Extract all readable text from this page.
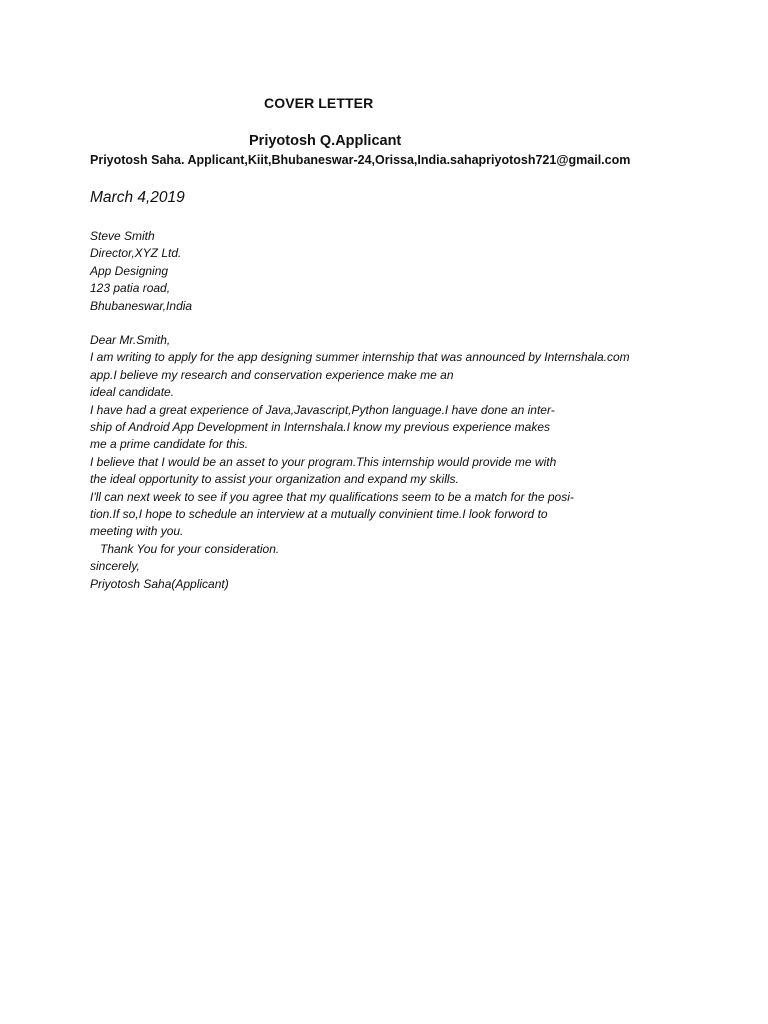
COVER LETTER
Priyotosh Q.Applicant
Priyotosh Saha. Applicant,Kiit,Bhubaneswar-24,Orissa,India.sahapriyotosh721@gmail.com
March 4,2019
Steve Smith
Director,XYZ Ltd.
App Designing
123 patia road,
Bhubaneswar,India
Dear Mr.Smith,
I am writing to apply for the app designing summer internship that was announced by Internshala.com
app.I believe my research and conservation experience make me an
ideal candidate.
I have had a great experience of Java,Javascript,Python language.I have done an inter-
ship of Android App Development in Internshala.I know my previous experience makes
me a prime candidate for this.
I believe that I would be an asset to your program.This internship would provide me with
the ideal opportunity to assist your organization and expand my skills.
I'll can next week to see if you agree that my qualifications seem to be a match for the posi-
tion.If so,I hope to schedule an interview at a mutually convinient time.I look forword to
meeting with you.
Thank You for your consideration.
sincerely,
Priyotosh Saha(Applicant)
